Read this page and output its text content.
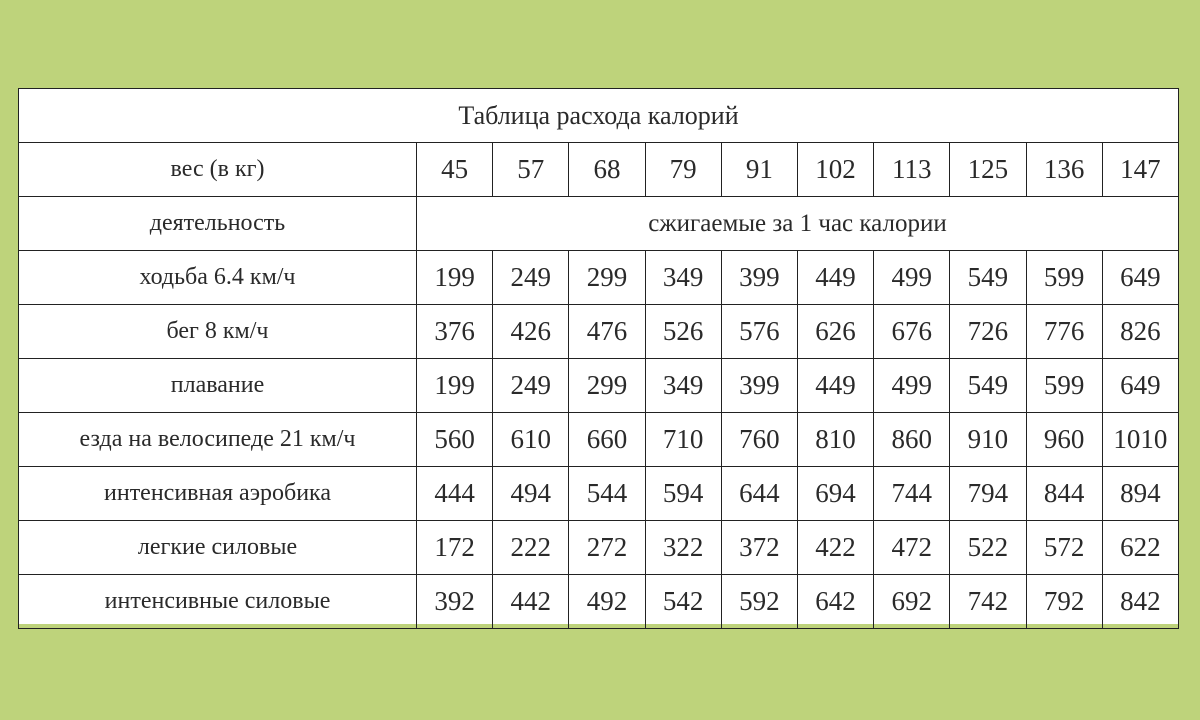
Таблица расхода калорий										
вес (в кг)	45	57	68	79	91	102	113	125	136	147
деятельность	сжигаемые за 1 час калории									
ходьба 6.4 км/ч	199	249	299	349	399	449	499	549	599	649
бег 8 км/ч	376	426	476	526	576	626	676	726	776	826
плавание	199	249	299	349	399	449	499	549	599	649
езда на велосипеде 21 км/ч	560	610	660	710	760	810	860	910	960	1010
интенсивная аэробика	444	494	544	594	644	694	744	794	844	894
легкие силовые	172	222	272	322	372	422	472	522	572	622
интенсивные силовые	392	442	492	542	592	642	692	742	792	842
